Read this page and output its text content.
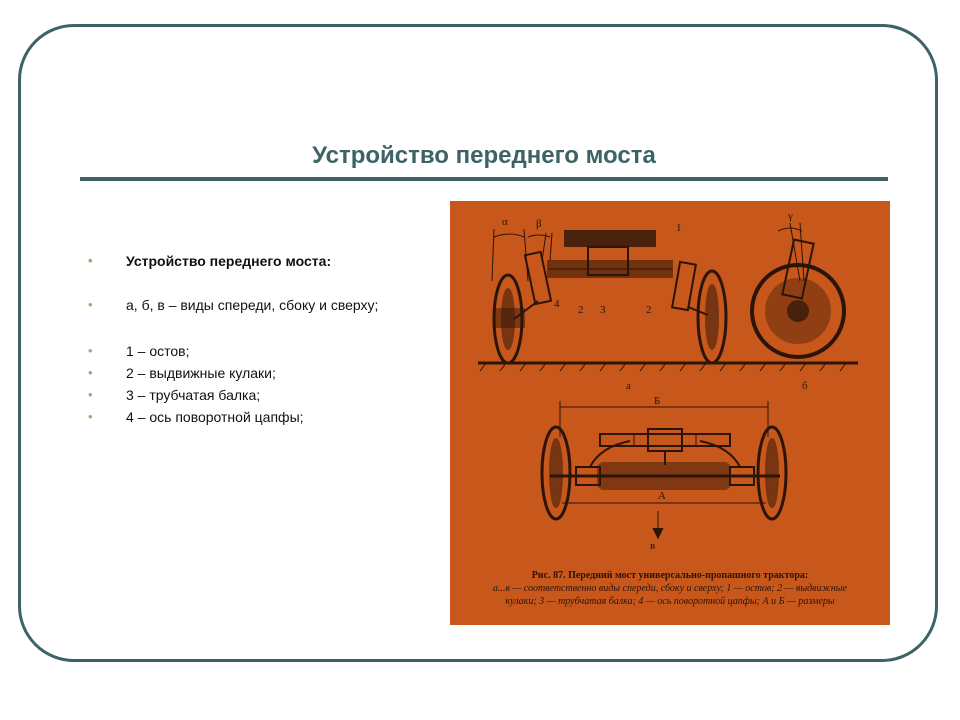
Устройство переднего моста
• Устройство переднего моста:
• а, б, в – виды спереди, сбоку и сверху;
• 1 – остов;
• 2 – выдвижные кулаки;
• 3 – трубчатая балка;
• 4 – ось поворотной цапфы;
α	β
γ
1
2 3	2
4
а	б
Б
А
в
Рис. 87. Передний мост универсально-пропашного трактора:
а...в — соответственно виды спереди, сбоку и сверху; 1 — остов; 2 — выдвижные
кулаки; 3 — трубчатая балка; 4 — ось поворотной цапфы; А и Б — размеры
